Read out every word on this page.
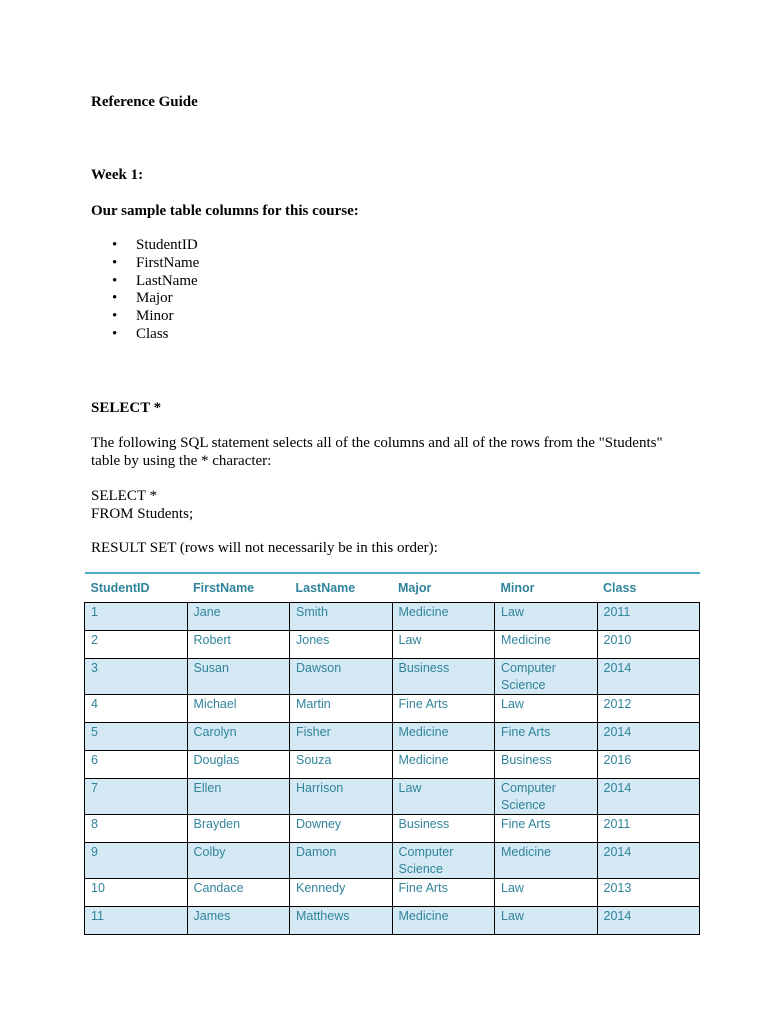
Reference Guide

Week 1:

Our sample table columns for this course:

• StudentID
• FirstName
• LastName
• Major
• Minor
• Class

SELECT *

The following SQL statement selects all of the columns and all of the rows from the "Students"
table by using the * character:
SELECT *
FROM Students;

RESULT SET (rows will not necessarily be in this order):

StudentID	FirstName	LastName	Major	Minor	Class
1	Jane	Smith	Medicine	Law	2011
2	Robert	Jones	Law	Medicine	2010
3	Susan	Dawson	Business	Computer Science	2014
4	Michael	Martin	Fine Arts	Law	2012
5	Carolyn	Fisher	Medicine	Fine Arts	2014
6	Douglas	Souza	Medicine	Business	2016
7	Ellen	Harrison	Law	Computer Science	2014
8	Brayden	Downey	Business	Fine Arts	2011
9	Colby	Damon	Computer Science	Medicine	2014
10	Candace	Kennedy	Fine Arts	Law	2013
11	James	Matthews	Medicine	Law	2014
